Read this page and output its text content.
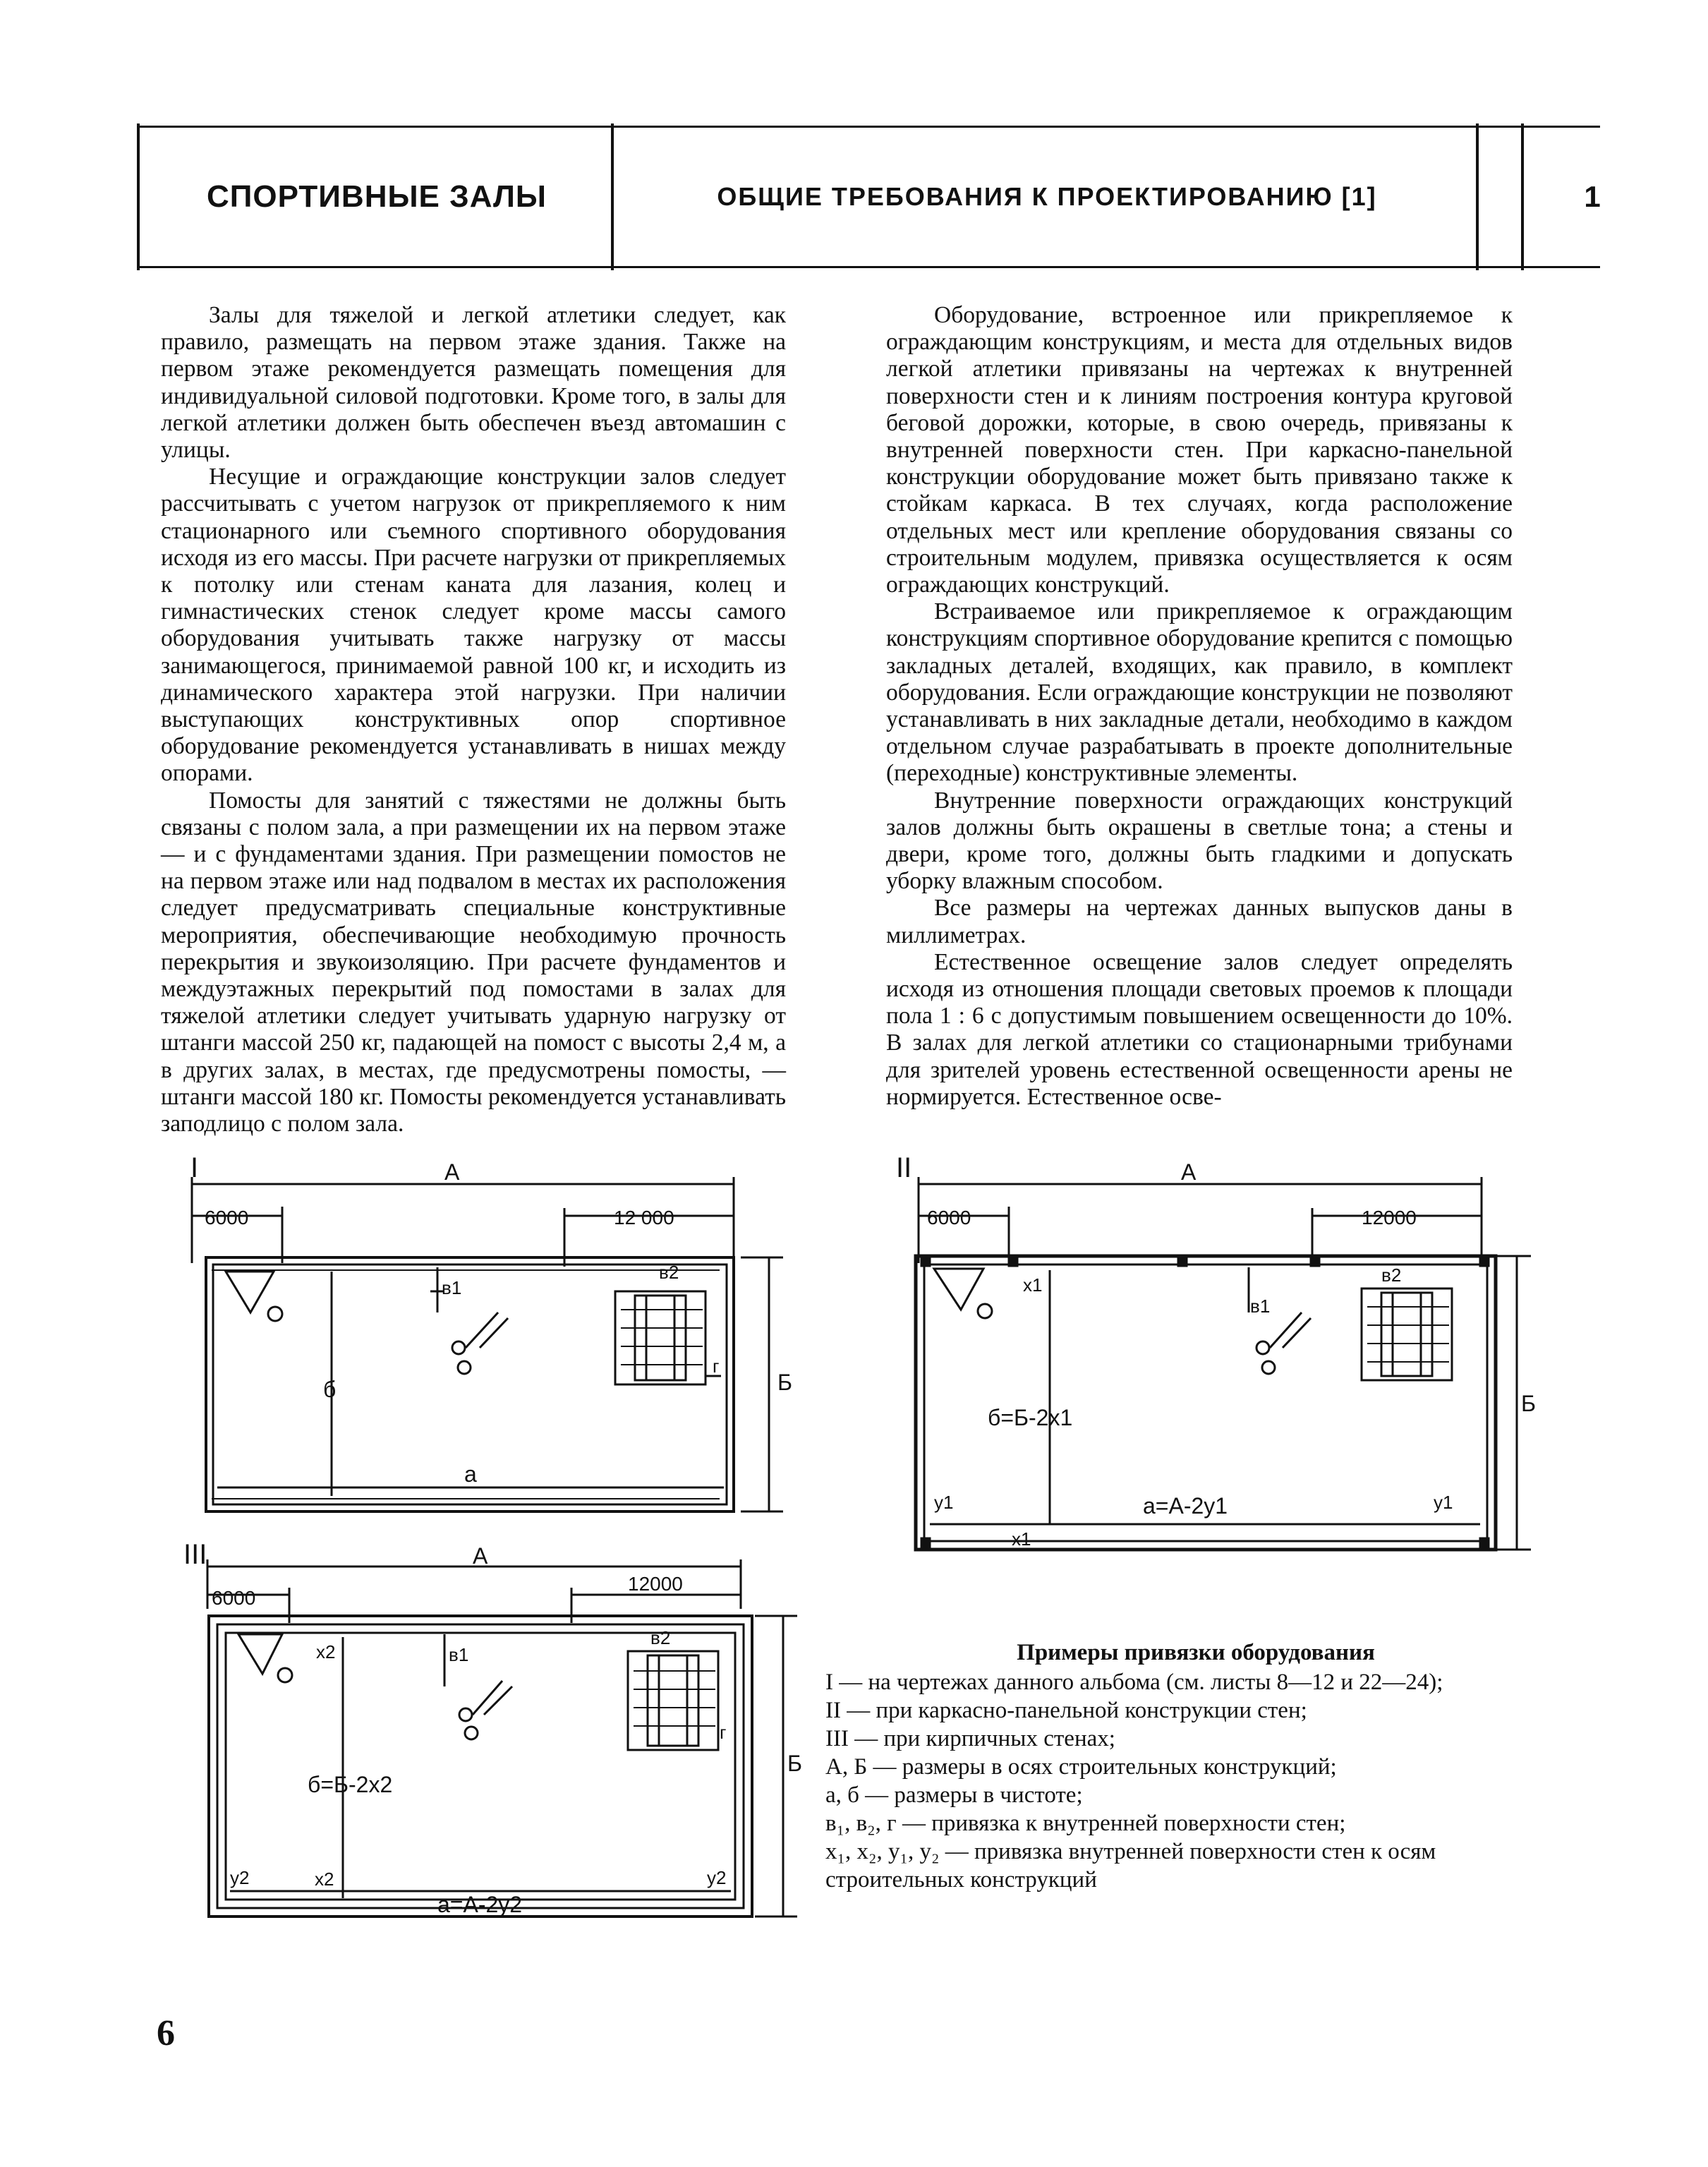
СПОРТИВНЫЕ ЗАЛЫ	ОБЩИЕ ТРЕБОВАНИЯ К ПРОЕКТИРОВАНИЮ [1]	1

Залы для тяжелой и легкой атлетики следует, как правило, размещать на первом этаже здания. Также на первом этаже рекомендуется размещать помещения для индивидуальной силовой подготовки. Кроме того, в залы для легкой атлетики должен быть обеспечен въезд автомашин с улицы.

Несущие и ограждающие конструкции залов следует рассчитывать с учетом нагрузок от прикрепляемого к ним стационарного или съемного спортивного оборудования исходя из его массы. При расчете нагрузки от прикрепляемых к потолку или стенам каната для лазания, колец и гимнастических стенок следует кроме массы самого оборудования учитывать также нагрузку от массы занимающегося, принимаемой равной 100 кг, и исходить из динамического характера этой нагрузки. При наличии выступающих конструктивных опор спортивное оборудование рекомендуется устанавливать в нишах между опорами.

Помосты для занятий с тяжестями не должны быть связаны с полом зала, а при размещении их на первом этаже — и с фундаментами здания. При размещении помостов не на первом этаже или над подвалом в местах их расположения следует предусматривать специальные конструктивные мероприятия, обеспечивающие необходимую прочность перекрытия и звукоизоляцию. При расчете фундаментов и междуэтажных перекрытий под помостами в залах для тяжелой атлетики следует учитывать ударную нагрузку от штанги массой 250 кг, падающей на помост с высоты 2,4 м, а в других залах, в местах, где предусмотрены помосты, — штанги массой 180 кг. Помосты рекомендуется устанавливать заподлицо с полом зала.

Оборудование, встроенное или прикрепляемое к ограждающим конструкциям, и места для отдельных видов легкой атлетики привязаны на чертежах к внутренней поверхности стен и к линиям построения контура круговой беговой дорожки, которые, в свою очередь, привязаны к внутренней поверхности стен. При каркасно-панельной конструкции оборудование может быть привязано также к стойкам каркаса. В тех случаях, когда расположение отдельных мест или крепление оборудования связаны со строительным модулем, привязка осуществляется к осям ограждающих конструкций.

Встраиваемое или прикрепляемое к ограждающим конструкциям спортивное оборудование крепится с помощью закладных деталей, входящих, как правило, в комплект оборудования. Если ограждающие конструкции не позволяют устанавливать в них закладные детали, необходимо в каждом отдельном случае разрабатывать в проекте дополнительные (переходные) конструктивные элементы.

Внутренние поверхности ограждающих конструкций залов должны быть окрашены в светлые тона; а стены и двери, кроме того, должны быть гладкими и допускать уборку влажным способом.

Все размеры на чертежах данных выпусков даны в миллиметрах.

Естественное освещение залов следует определять исходя из отношения площади световых проемов к площади пола 1 : 6 с допустимым повышением освещенности до 10%. В залах для легкой атлетики со стационарными трибунами для зрителей уровень естественной освещенности арены не нормируется. Естественное осве-

I	А
6000	12 000
Б
б
а
в1
в2
г
II	А
6000	12000
Б
б=Б-2x1
а=А-2у1
x1
x1
у1	у1
в1
в2
III	А
6000
12000
Б
x2
б=Б-2x2
а=А-2у2
x2
у2	у2
в1
в2
г
Примеры привязки оборудования
I — на чертежах данного альбома (см. листы 8—12 и 22—24);
II — при каркасно-панельной конструкции стен;
III — при кирпичных стенах;
А, Б — размеры в осях строительных конструкций;
а, б — размеры в чистоте;
в₁, в₂, г — привязка к внутренней поверхности стен;
x₁, x₂, y₁, y₂ — привязка внутренней поверхности стен к осям строительных конструкций
6
